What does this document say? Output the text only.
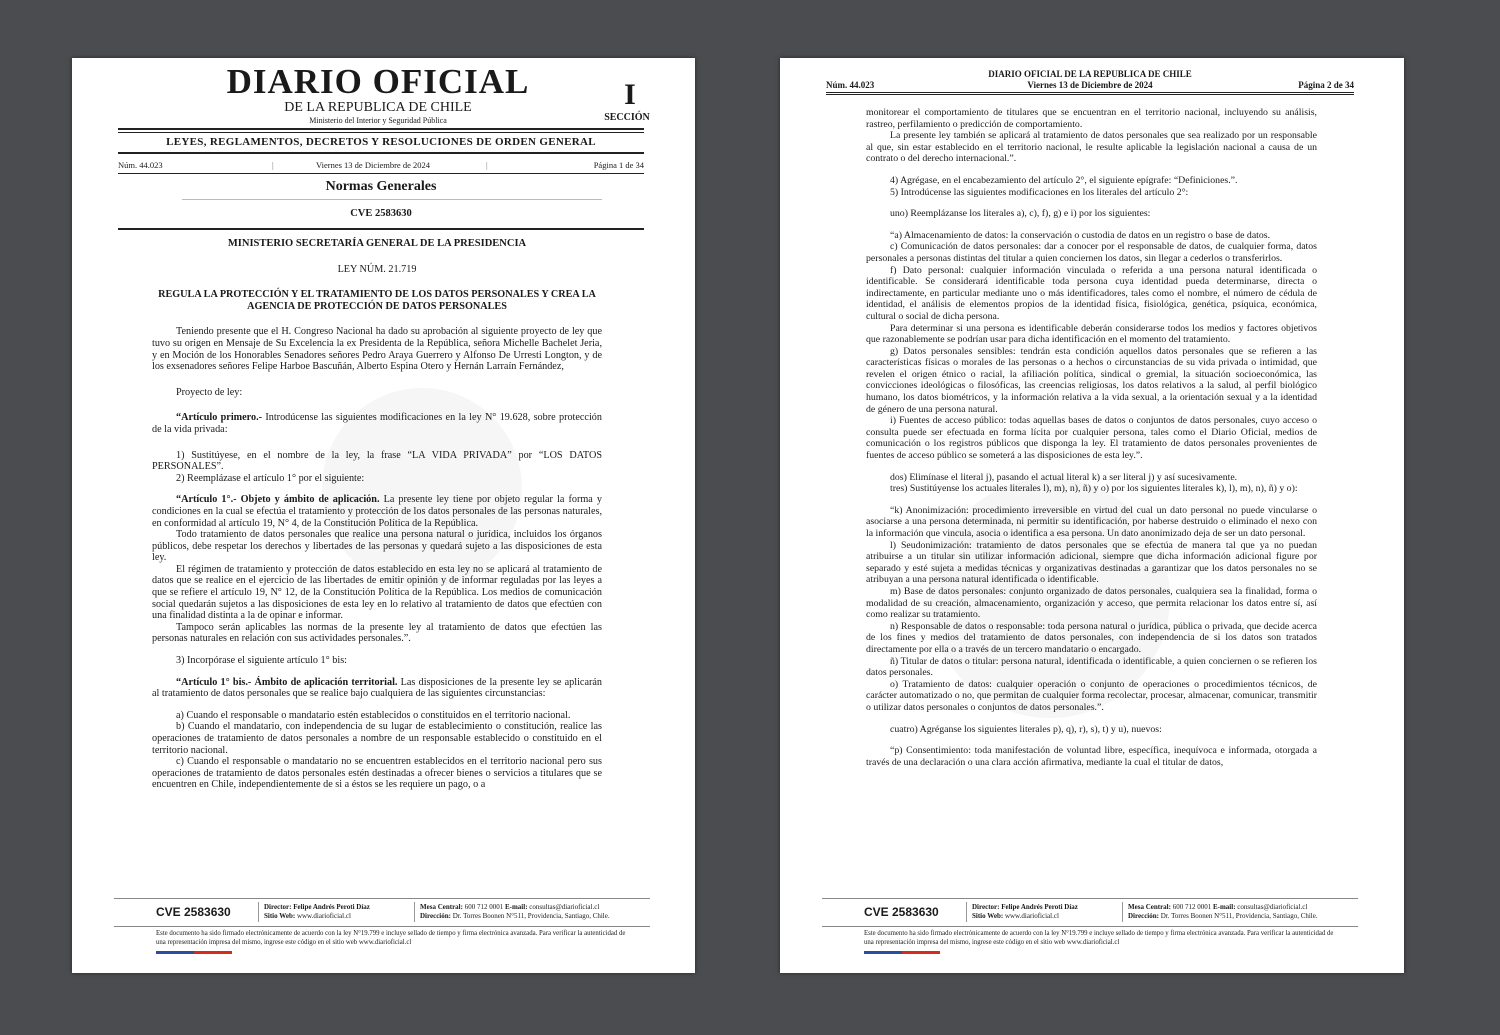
DIARIO OFICIAL
DE LA REPUBLICA DE CHILE
Ministerio del Interior y Seguridad Pública
I
SECCIÓN
LEYES, REGLAMENTOS, DECRETOS Y RESOLUCIONES DE ORDEN GENERAL
Núm. 44.023	|	Viernes 13 de Diciembre de 2024	|	Página 1 de 34
Normas Generales
CVE 2583630

MINISTERIO SECRETARÍA GENERAL DE LA PRESIDENCIA

LEY NÚM. 21.719

REGULA LA PROTECCIÓN Y EL TRATAMIENTO DE LOS DATOS PERSONALES Y CREA LA AGENCIA DE PROTECCIÓN DE DATOS PERSONALES

Teniendo presente que el H. Congreso Nacional ha dado su aprobación al siguiente proyecto de ley que tuvo su origen en Mensaje de Su Excelencia la ex Presidenta de la República, señora Michelle Bachelet Jeria, y en Moción de los Honorables Senadores señores Pedro Araya Guerrero y Alfonso De Urresti Longton, y de los exsenadores señores Felipe Harboe Bascuñán, Alberto Espina Otero y Hernán Larraín Fernández,

Proyecto de ley:

“Artículo primero.- Introdúcense las siguientes modificaciones en la ley N° 19.628, sobre protección de la vida privada:

1) Sustitúyese, en el nombre de la ley, la frase “LA VIDA PRIVADA” por “LOS DATOS PERSONALES”.

2) Reemplázase el artículo 1° por el siguiente:

“Artículo 1°.- Objeto y ámbito de aplicación. La presente ley tiene por objeto regular la forma y condiciones en la cual se efectúa el tratamiento y protección de los datos personales de las personas naturales, en conformidad al artículo 19, N° 4, de la Constitución Política de la República.

Todo tratamiento de datos personales que realice una persona natural o jurídica, incluidos los órganos públicos, debe respetar los derechos y libertades de las personas y quedará sujeto a las disposiciones de esta ley.

El régimen de tratamiento y protección de datos establecido en esta ley no se aplicará al tratamiento de datos que se realice en el ejercicio de las libertades de emitir opinión y de informar reguladas por las leyes a que se refiere el artículo 19, N° 12, de la Constitución Política de la República. Los medios de comunicación social quedarán sujetos a las disposiciones de esta ley en lo relativo al tratamiento de datos que efectúen con una finalidad distinta a la de opinar e informar.

Tampoco serán aplicables las normas de la presente ley al tratamiento de datos que efectúen las personas naturales en relación con sus actividades personales.”.

3) Incorpórase el siguiente artículo 1° bis:

“Artículo 1° bis.- Ámbito de aplicación territorial. Las disposiciones de la presente ley se aplicarán al tratamiento de datos personales que se realice bajo cualquiera de las siguientes circunstancias:

a) Cuando el responsable o mandatario estén establecidos o constituidos en el territorio nacional.

b) Cuando el mandatario, con independencia de su lugar de establecimiento o constitución, realice las operaciones de tratamiento de datos personales a nombre de un responsable establecido o constituido en el territorio nacional.

c) Cuando el responsable o mandatario no se encuentren establecidos en el territorio nacional pero sus operaciones de tratamiento de datos personales estén destinadas a ofrecer bienes o servicios a titulares que se encuentren en Chile, independientemente de si a éstos se les requiere un pago, o a

CVE 2583630	Director: Felipe Andrés Peroti Díaz
Sitio Web: www.diarioficial.cl
Mesa Central: 600 712 0001 E-mail: consultas@diarioficial.cl
Dirección: Dr. Torres Boonen N°511, Providencia, Santiago, Chile.
Este documento ha sido firmado electrónicamente de acuerdo con la ley N°19.799 e incluye sellado de tiempo y firma electrónica avanzada. Para verificar la autenticidad de una representación impresa del mismo, ingrese este código en el sitio web www.diarioficial.cl
DIARIO OFICIAL DE LA REPUBLICA DE CHILE
Viernes 13 de Diciembre de 2024
Núm. 44.023	Página 2 de 34

monitorear el comportamiento de titulares que se encuentran en el territorio nacional, incluyendo su análisis, rastreo, perfilamiento o predicción de comportamiento.

La presente ley también se aplicará al tratamiento de datos personales que sea realizado por un responsable al que, sin estar establecido en el territorio nacional, le resulte aplicable la legislación nacional a causa de un contrato o del derecho internacional.”.

4) Agrégase, en el encabezamiento del artículo 2°, el siguiente epígrafe: “Definiciones.”.

5) Introdúcense las siguientes modificaciones en los literales del artículo 2°:

uno) Reemplázanse los literales a), c), f), g) e i) por los siguientes:

“a) Almacenamiento de datos: la conservación o custodia de datos en un registro o base de datos.

c) Comunicación de datos personales: dar a conocer por el responsable de datos, de cualquier forma, datos personales a personas distintas del titular a quien conciernen los datos, sin llegar a cederlos o transferirlos.

f) Dato personal: cualquier información vinculada o referida a una persona natural identificada o identificable. Se considerará identificable toda persona cuya identidad pueda determinarse, directa o indirectamente, en particular mediante uno o más identificadores, tales como el nombre, el número de cédula de identidad, el análisis de elementos propios de la identidad física, fisiológica, genética, psíquica, económica, cultural o social de dicha persona.

Para determinar si una persona es identificable deberán considerarse todos los medios y factores objetivos que razonablemente se podrían usar para dicha identificación en el momento del tratamiento.

g) Datos personales sensibles: tendrán esta condición aquellos datos personales que se refieren a las características físicas o morales de las personas o a hechos o circunstancias de su vida privada o intimidad, que revelen el origen étnico o racial, la afiliación política, sindical o gremial, la situación socioeconómica, las convicciones ideológicas o filosóficas, las creencias religiosas, los datos relativos a la salud, al perfil biológico humano, los datos biométricos, y la información relativa a la vida sexual, a la orientación sexual y a la identidad de género de una persona natural.

i) Fuentes de acceso público: todas aquellas bases de datos o conjuntos de datos personales, cuyo acceso o consulta puede ser efectuada en forma lícita por cualquier persona, tales como el Diario Oficial, medios de comunicación o los registros públicos que disponga la ley. El tratamiento de datos personales provenientes de fuentes de acceso público se someterá a las disposiciones de esta ley.”.

dos) Elimínase el literal j), pasando el actual literal k) a ser literal j) y así sucesivamente.

tres) Sustitúyense los actuales literales l), m), n), ñ) y o) por los siguientes literales k), l), m), n), ñ) y o):

“k) Anonimización: procedimiento irreversible en virtud del cual un dato personal no puede vincularse o asociarse a una persona determinada, ni permitir su identificación, por haberse destruido o eliminado el nexo con la información que vincula, asocia o identifica a esa persona. Un dato anonimizado deja de ser un dato personal.

l) Seudonimización: tratamiento de datos personales que se efectúa de manera tal que ya no puedan atribuirse a un titular sin utilizar información adicional, siempre que dicha información adicional figure por separado y esté sujeta a medidas técnicas y organizativas destinadas a garantizar que los datos personales no se atribuyan a una persona natural identificada o identificable.

m) Base de datos personales: conjunto organizado de datos personales, cualquiera sea la finalidad, forma o modalidad de su creación, almacenamiento, organización y acceso, que permita relacionar los datos entre sí, así como realizar su tratamiento.

n) Responsable de datos o responsable: toda persona natural o jurídica, pública o privada, que decide acerca de los fines y medios del tratamiento de datos personales, con independencia de si los datos son tratados directamente por ella o a través de un tercero mandatario o encargado.

ñ) Titular de datos o titular: persona natural, identificada o identificable, a quien conciernen o se refieren los datos personales.

o) Tratamiento de datos: cualquier operación o conjunto de operaciones o procedimientos técnicos, de carácter automatizado o no, que permitan de cualquier forma recolectar, procesar, almacenar, comunicar, transmitir o utilizar datos personales o conjuntos de datos personales.”.

cuatro) Agréganse los siguientes literales p), q), r), s), t) y u), nuevos:

“p) Consentimiento: toda manifestación de voluntad libre, específica, inequívoca e informada, otorgada a través de una declaración o una clara acción afirmativa, mediante la cual el titular de datos,

CVE 2583630	Director: Felipe Andrés Peroti Díaz
Sitio Web: www.diarioficial.cl
Mesa Central: 600 712 0001 E-mail: consultas@diarioficial.cl
Dirección: Dr. Torres Boonen N°511, Providencia, Santiago, Chile.
Este documento ha sido firmado electrónicamente de acuerdo con la ley N°19.799 e incluye sellado de tiempo y firma electrónica avanzada. Para verificar la autenticidad de una representación impresa del mismo, ingrese este código en el sitio web www.diarioficial.cl
